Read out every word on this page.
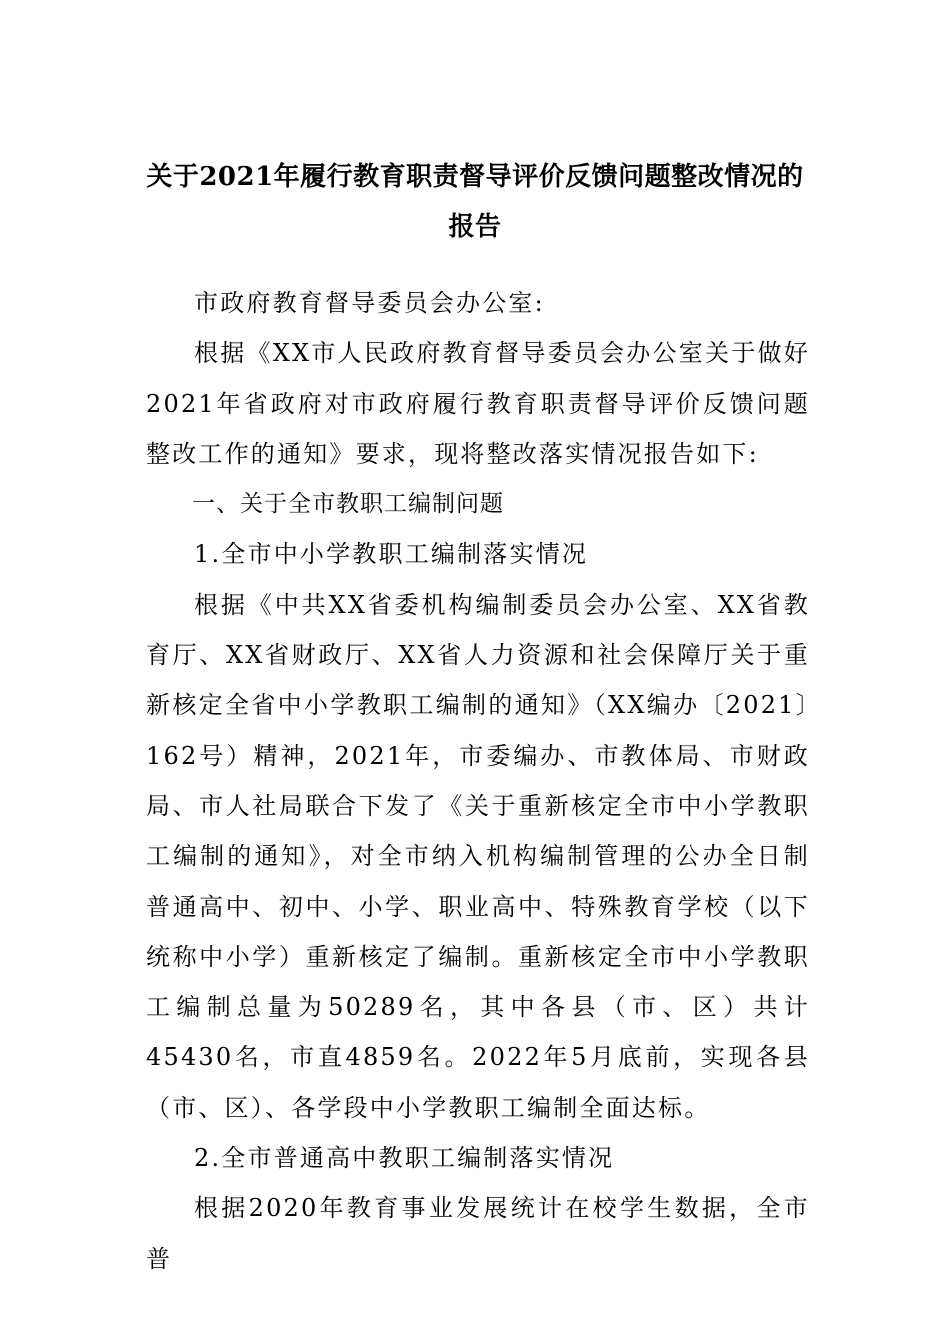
关于2021年履行教育职责督导评价反馈问题整改情况的报告

市政府教育督导委员会办公室:

根据《XX市人民政府教育督导委员会办公室关于做好2021年省政府对市政府履行教育职责督导评价反馈问题整改工作的通知》要求，现将整改落实情况报告如下:

一、关于全市教职工编制问题

1.全市中小学教职工编制落实情况

根据《中共XX省委机构编制委员会办公室、XX省教育厅、XX省财政厅、XX省人力资源和社会保障厅关于重新核定全省中小学教职工编制的通知》（XX编办〔2021〕162号）精神，2021年，市委编办、市教体局、市财政局、市人社局联合下发了《关于重新核定全市中小学教职工编制的通知》，对全市纳入机构编制管理的公办全日制普通高中、初中、小学、职业高中、特殊教育学校（以下统称中小学）重新核定了编制。重新核定全市中小学教职工编制总量为50289名，其中各县（市、区）共计45430名，市直4859名。2022年5月底前，实现各县（市、区）、各学段中小学教职工编制全面达标。

2.全市普通高中教职工编制落实情况

根据2020年教育事业发展统计在校学生数据，全市普
